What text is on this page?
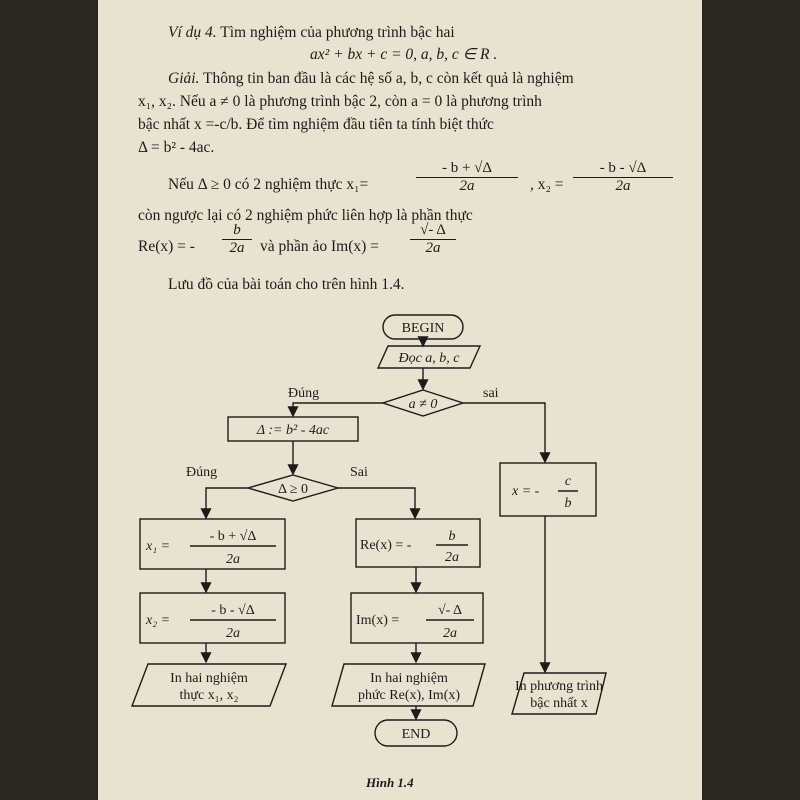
Ví dụ 4. Tìm nghiệm của phương trình bậc hai
ax² + bx + c = 0, a, b, c ∈ R .
Giải. Thông tin ban đầu là các hệ số a, b, c còn kết quả là nghiệm
x₁, x₂. Nếu a ≠ 0 là phương trình bậc 2, còn a = 0 là phương trình
bậc nhất x =-c/b. Để tìm nghiệm đầu tiên ta tính biệt thức
Δ = b² - 4ac.
Nếu Δ ≥ 0 có 2 nghiệm thực x₁=	$\frac{- b + √\Delta}{2a}$ , $x_2 = \frac{- b - √\Delta}{2a}$
còn ngược lại có 2 nghiệm phức liên hợp là phần thực
Re(x) = - $\frac{b}{2a}$ và phần ảo $Im(x) = \frac{√- \Delta}{2a}$
Lưu đồ của bài toán cho trên hình 1.4.
BEGIN
Đọc a, b, c
a ≠ 0
Đúng	sai
Δ := b² - 4ac
Δ ≥ 0
Đúng	Sai
x₁ =
- b + √Δ
2a
x₂ =
- b - √Δ
2a
Re(x) = -
b
2a
Im(x) =
√- Δ
2a
x = -
c
b
In hai nghiệm
thực x₁, x₂
In hai nghiệm
phức Re(x), Im(x)
In phương trình
bậc nhất x
END
Hình 1.4
